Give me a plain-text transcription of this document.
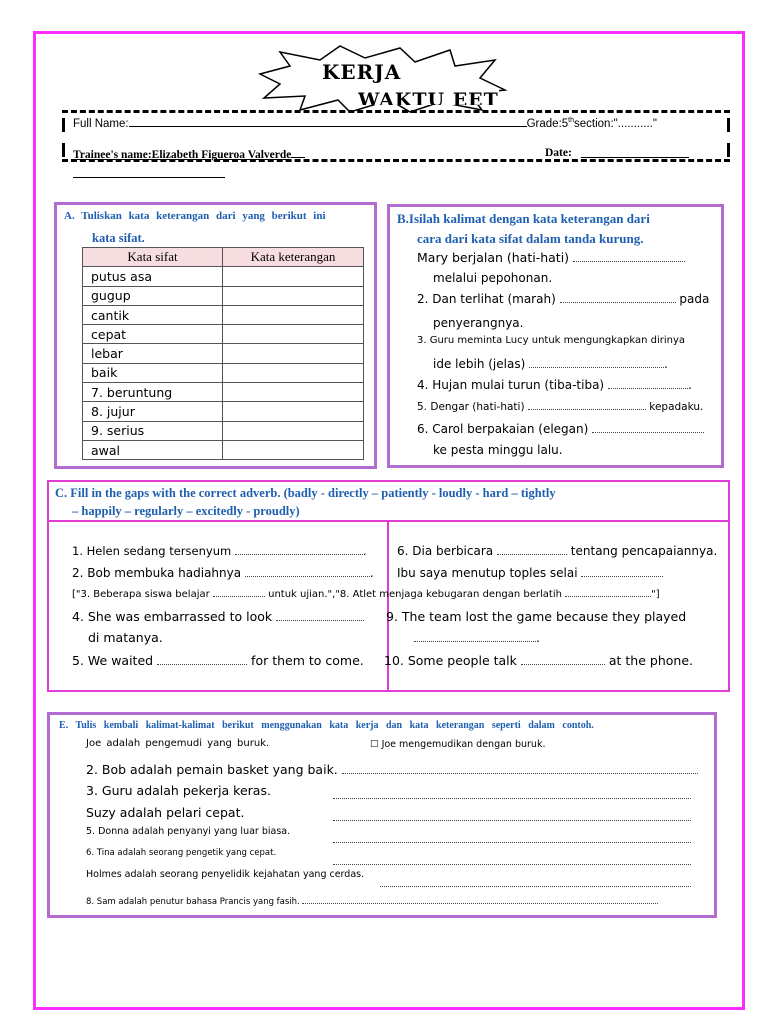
KERJA
WAKTU EET
Full Name:	Grade:5thsection:"..........."
Trainee's name:Elizabeth Figueroa Valverde	Date:
A. Tuliskan kata keterangan dari yang berikut ini
kata sifat.
Kata sifat	Kata keterangan
putus asa	
gugup	
cantik	
cepat	
lebar	
baik	
7. beruntung	
8. jujur	
9. serius	
awal	
B.Isilah kalimat dengan kata keterangan dari
cara dari kata sifat dalam tanda kurung.
Mary berjalan (hati-hati)
melalui pepohonan.
2. Dan terlihat (marah)	pada
penyerangnya.
3. Guru meminta Lucy untuk mengungkapkan dirinya
ide lebih (jelas)	.
4. Hujan mulai turun (tiba-tiba)	.
5. Dengar (hati-hati)	kepadaku.
6. Carol berpakaian (elegan)
ke pesta minggu lalu.
C. Fill in the gaps with the correct adverb. (badly - directly – patiently - loudly - hard – tightly
– happily – regularly – excitedly - proudly)
1. Helen sedang tersenyum	.
2. Bob membuka hadiahnya	.
["3. Beberapa siswa belajar	untuk ujian.","8. Atlet menjaga kebugaran dengan berlatih	"]
4. She was embarrassed to look
di matanya.
5. We waited	for them to come.
6. Dia berbicara	tentang pencapaiannya.
Ibu saya menutup toples selai
9. The team lost the game because they played
.
10. Some people talk	at the phone.
E. Tulis kembali kalimat-kalimat berikut menggunakan kata kerja dan kata keterangan seperti dalam contoh.
Joe adalah pengemudi yang buruk.	☐ Joe mengemudikan dengan buruk.
2. Bob adalah pemain basket yang baik.
3. Guru adalah pekerja keras.
Suzy adalah pelari cepat.
5. Donna adalah penyanyi yang luar biasa.
6. Tina adalah seorang pengetik yang cepat.
Holmes adalah seorang penyelidik kejahatan yang cerdas.
8. Sam adalah penutur bahasa Prancis yang fasih.
